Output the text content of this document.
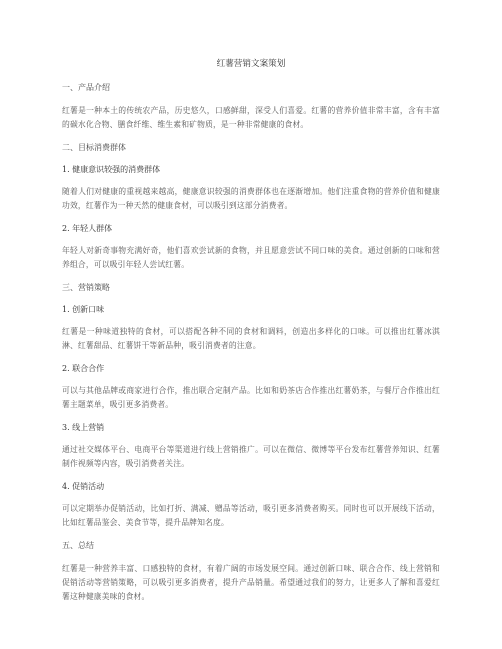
红薯营销文案策划
一、产品介绍
红薯是一种本土的传统农产品，历史悠久，口感鲜甜，深受人们喜爱。红薯的营养价值非常丰富，含有丰富的碳水化合物、膳食纤维、维生素和矿物质，是一种非常健康的食材。
二、目标消费群体
1. 健康意识较强的消费群体
随着人们对健康的重视越来越高，健康意识较强的消费群体也在逐渐增加。他们注重食物的营养价值和健康功效，红薯作为一种天然的健康食材，可以吸引到这部分消费者。
2. 年轻人群体
年轻人对新奇事物充满好奇，他们喜欢尝试新的食物，并且愿意尝试不同口味的美食。通过创新的口味和营养组合，可以吸引年轻人尝试红薯。
三、营销策略
1. 创新口味
红薯是一种味道独特的食材，可以搭配各种不同的食材和调料，创造出多样化的口味。可以推出红薯冰淇淋、红薯甜品、红薯饼干等新品种，吸引消费者的注意。
2. 联合合作
可以与其他品牌或商家进行合作，推出联合定制产品。比如和奶茶店合作推出红薯奶茶，与餐厅合作推出红薯主题菜单，吸引更多消费者。
3. 线上营销
通过社交媒体平台、电商平台等渠道进行线上营销推广。可以在微信、微博等平台发布红薯营养知识、红薯制作视频等内容，吸引消费者关注。
4. 促销活动
可以定期举办促销活动，比如打折、满减、赠品等活动，吸引更多消费者购买。同时也可以开展线下活动，比如红薯品鉴会、美食节等，提升品牌知名度。
五、总结
红薯是一种营养丰富、口感独特的食材，有着广阔的市场发展空间。通过创新口味、联合合作、线上营销和促销活动等营销策略，可以吸引更多消费者，提升产品销量。希望通过我们的努力，让更多人了解和喜爱红薯这种健康美味的食材。
